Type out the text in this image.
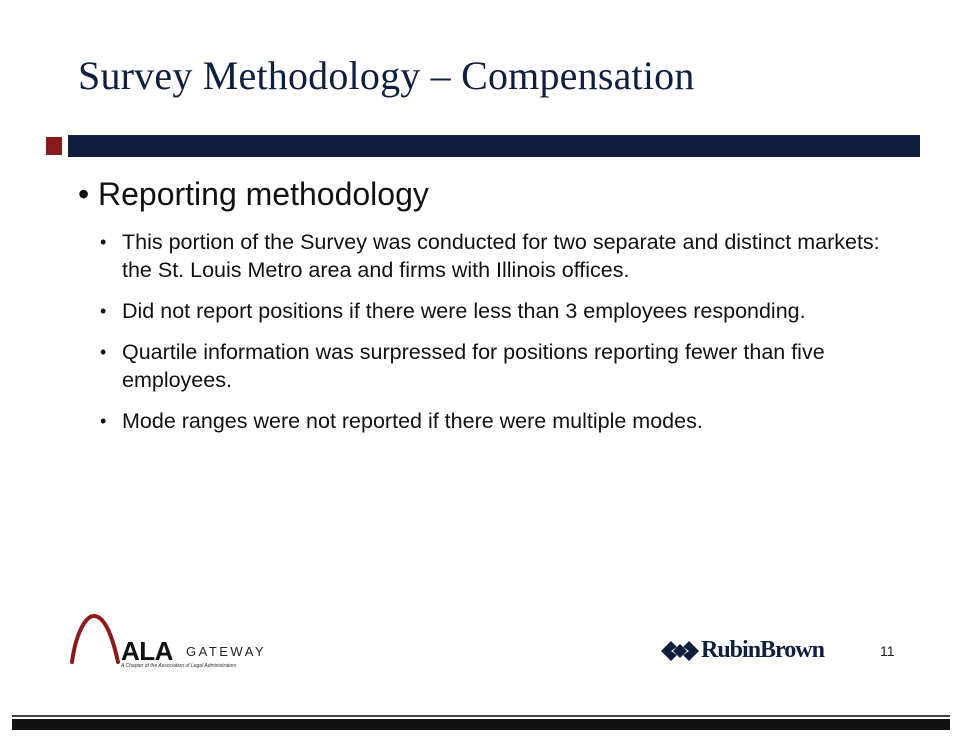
Survey Methodology – Compensation
• Reporting methodology
• This portion of the Survey was conducted for two separate and distinct markets: the St. Louis Metro area and firms with Illinois offices.
• Did not report positions if there were less than 3 employees responding.
• Quartile information was surpressed for positions reporting fewer than five employees.
• Mode ranges were not reported if there were multiple modes.
ALA GATEWAY
A Chapter of the Association of Legal Administrators
RubinBrown	11
